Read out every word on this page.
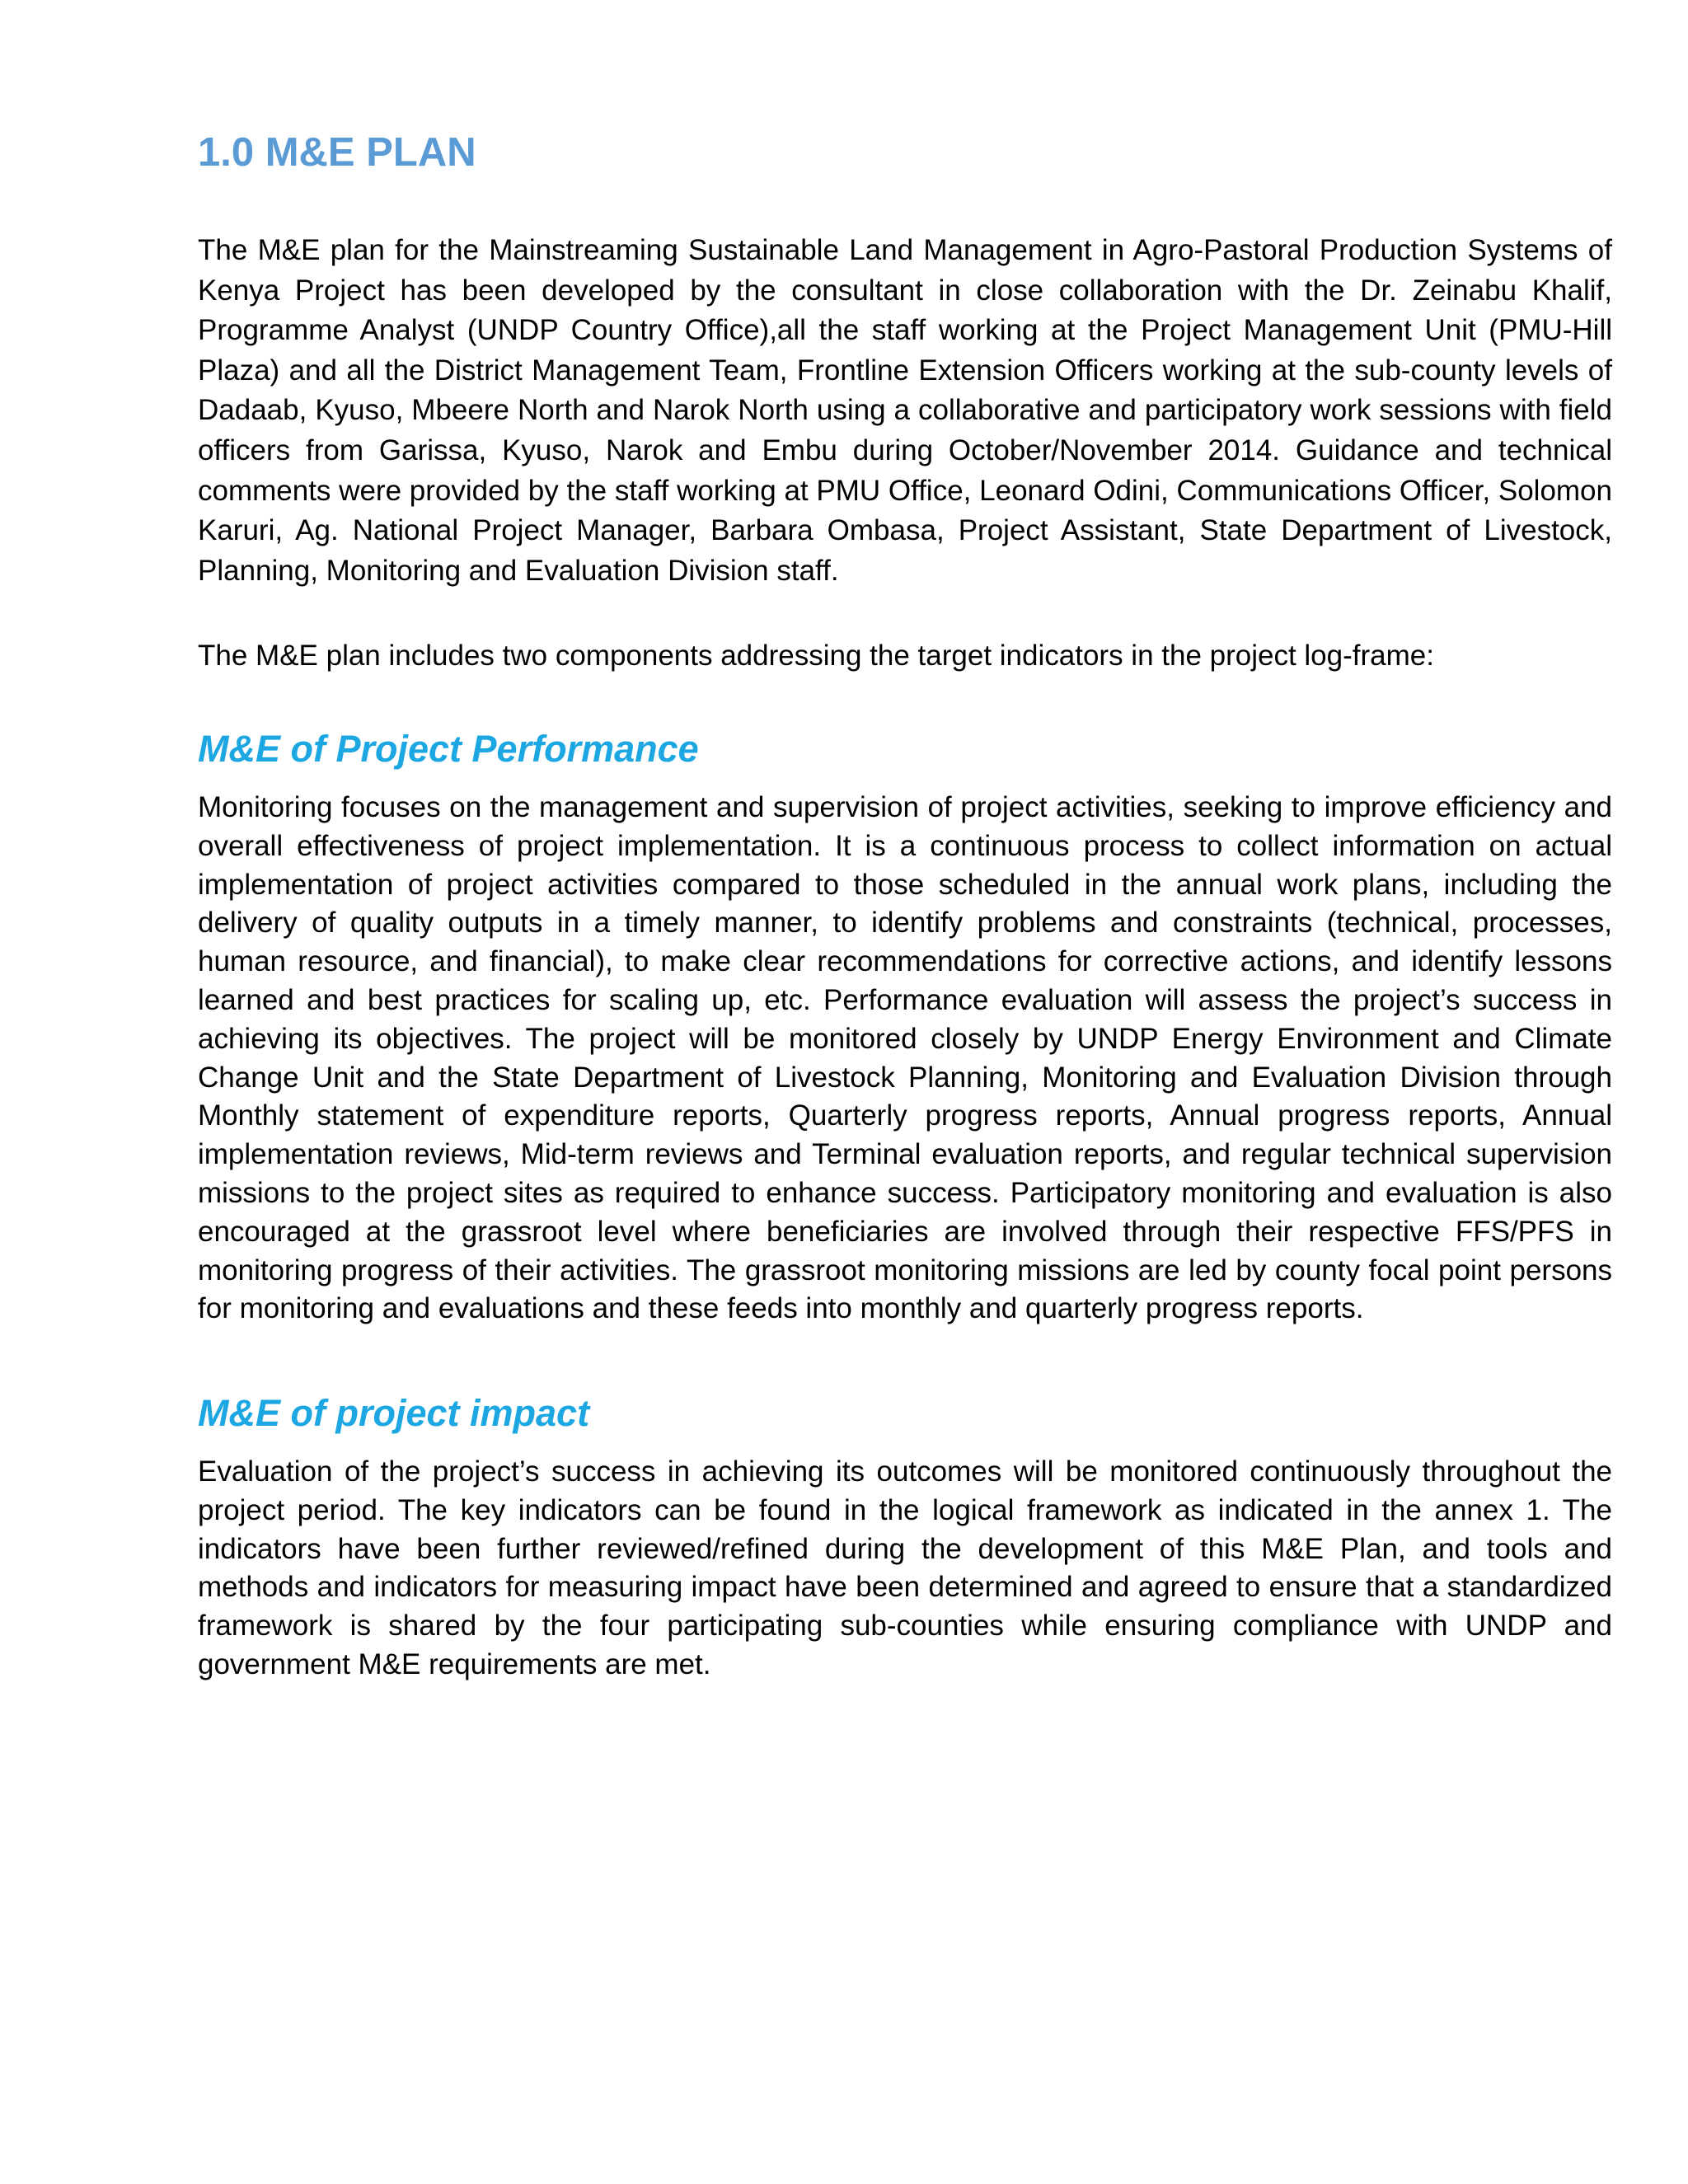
1.0 M&E PLAN

The M&E plan for the Mainstreaming Sustainable Land Management in Agro-Pastoral Production Systems of Kenya Project has been developed by the consultant in close collaboration with the Dr. Zeinabu Khalif, Programme Analyst (UNDP Country Office),all the staff working at the Project Management Unit (PMU-Hill Plaza) and all the District Management Team, Frontline Extension Officers working at the sub-county levels of Dadaab, Kyuso, Mbeere North and Narok North using a collaborative and participatory work sessions with field officers from Garissa, Kyuso, Narok and Embu during October/November 2014. Guidance and technical comments were provided by the staff working at PMU Office, Leonard Odini, Communications Officer, Solomon Karuri, Ag. National Project Manager, Barbara Ombasa, Project Assistant, State Department of Livestock, Planning, Monitoring and Evaluation Division staff.

The M&E plan includes two components addressing the target indicators in the project log-frame:

M&E of Project Performance

Monitoring focuses on the management and supervision of project activities, seeking to improve efficiency and overall effectiveness of project implementation. It is a continuous process to collect information on actual implementation of project activities compared to those scheduled in the annual work plans, including the delivery of quality outputs in a timely manner, to identify problems and constraints (technical, processes, human resource, and financial), to make clear recommendations for corrective actions, and identify lessons learned and best practices for scaling up, etc. Performance evaluation will assess the project’s success in achieving its objectives. The project will be monitored closely by UNDP Energy Environment and Climate Change Unit and the State Department of Livestock Planning, Monitoring and Evaluation Division through Monthly statement of expenditure reports, Quarterly progress reports, Annual progress reports, Annual implementation reviews, Mid-term reviews and Terminal evaluation reports, and regular technical supervision missions to the project sites as required to enhance success. Participatory monitoring and evaluation is also encouraged at the grassroot level where beneficiaries are involved through their respective FFS/PFS in monitoring progress of their activities. The grassroot monitoring missions are led by county focal point persons for monitoring and evaluations and these feeds into monthly and quarterly progress reports.

M&E of project impact

Evaluation of the project’s success in achieving its outcomes will be monitored continuously throughout the project period. The key indicators can be found in the logical framework as indicated in the annex 1. The indicators have been further reviewed/refined during the development of this M&E Plan, and tools and methods and indicators for measuring impact have been determined and agreed to ensure that a standardized framework is shared by the four participating sub-counties while ensuring compliance with UNDP and government M&E requirements are met.
